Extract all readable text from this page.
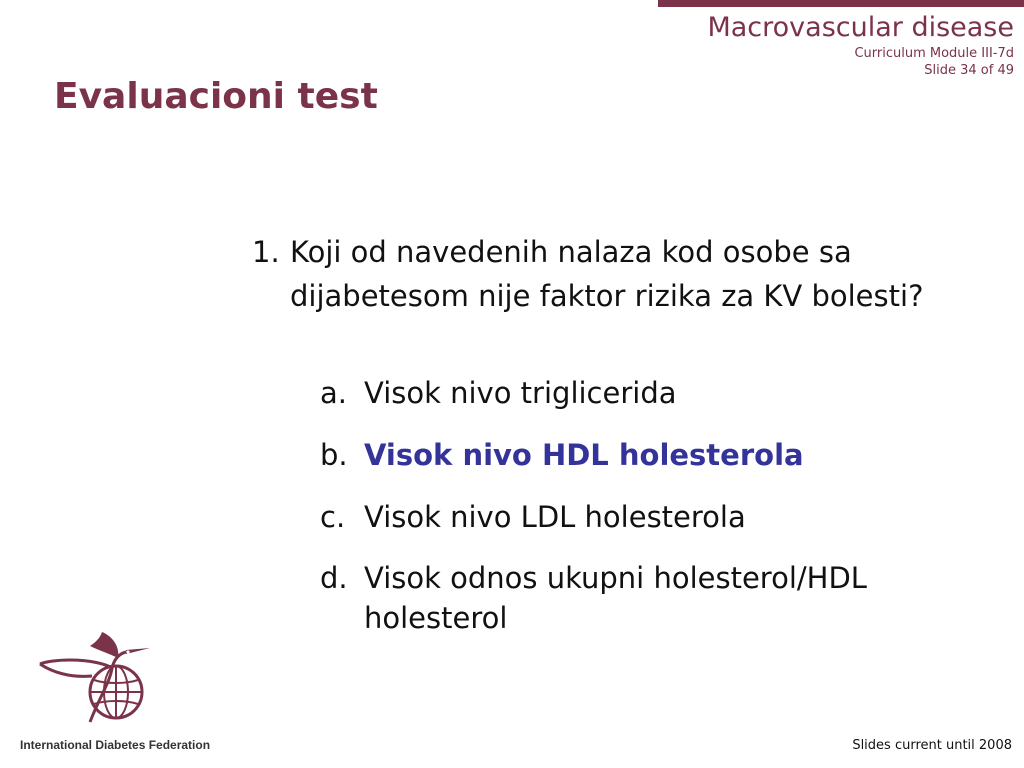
Macrovascular disease
Curriculum Module III-7d
Slide 34 of 49
Evaluacioni test
1. Koji od navedenih nalaza kod osobe sa dijabetesom nije faktor rizika za KV bolesti?
a. Visok nivo triglicerida
b. Visok nivo HDL holesterola
c. Visok nivo LDL holesterola
d. Visok odnos ukupni holesterol/HDL holesterol
International Diabetes Federation	Slides current until 2008
